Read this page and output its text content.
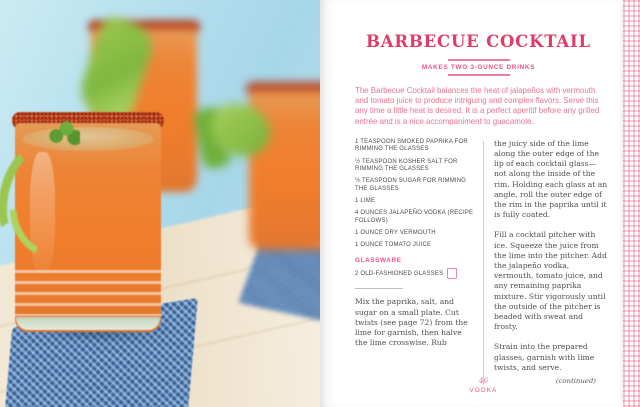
BARBECUE COCKTAIL
MAKES TWO 3-OUNCE DRINKS

The Barbecue Cocktail balances the heat of jalapeños with vermouth and tomato juice to produce intriguing and complex flavors. Serve this any time a little heat is desired. It is a perfect aperitif before any grilled entrée and is a nice accompaniment to guacamole.

1 TEASPOON SMOKED PAPRIKA FOR RIMMING THE GLASSES
½ TEASPOON KOSHER SALT FOR RIMMING THE GLASSES
½ TEASPOON SUGAR FOR RIMMING THE GLASSES
1 LIME
4 OUNCES JALAPEÑO VODKA (RECIPE FOLLOWS)
1 OUNCE DRY VERMOUTH
1 OUNCE TOMATO JUICE
GLASSWARE
2 OLD-FASHIONED GLASSES

Mix the paprika, salt, and sugar on a small plate. Cut twists (see page 72) from the lime for garnish, then halve the lime crosswise. Rub

the juicy side of the lime along the outer edge of the lip of each cocktail glass—not along the inside of the rim. Holding each glass at an angle, roll the outer edge of the rim in the paprika until it is fully coated.

Fill a cocktail pitcher with ice. Squeeze the juice from the lime into the pitcher. Add the jalapeño vodka, vermouth, tomato juice, and any remaining paprika mixture. Stir vigorously until the outside of the pitcher is beaded with sweat and frosty.

Strain into the prepared glasses, garnish with lime twists, and serve.

(continued)
46
VODKA
